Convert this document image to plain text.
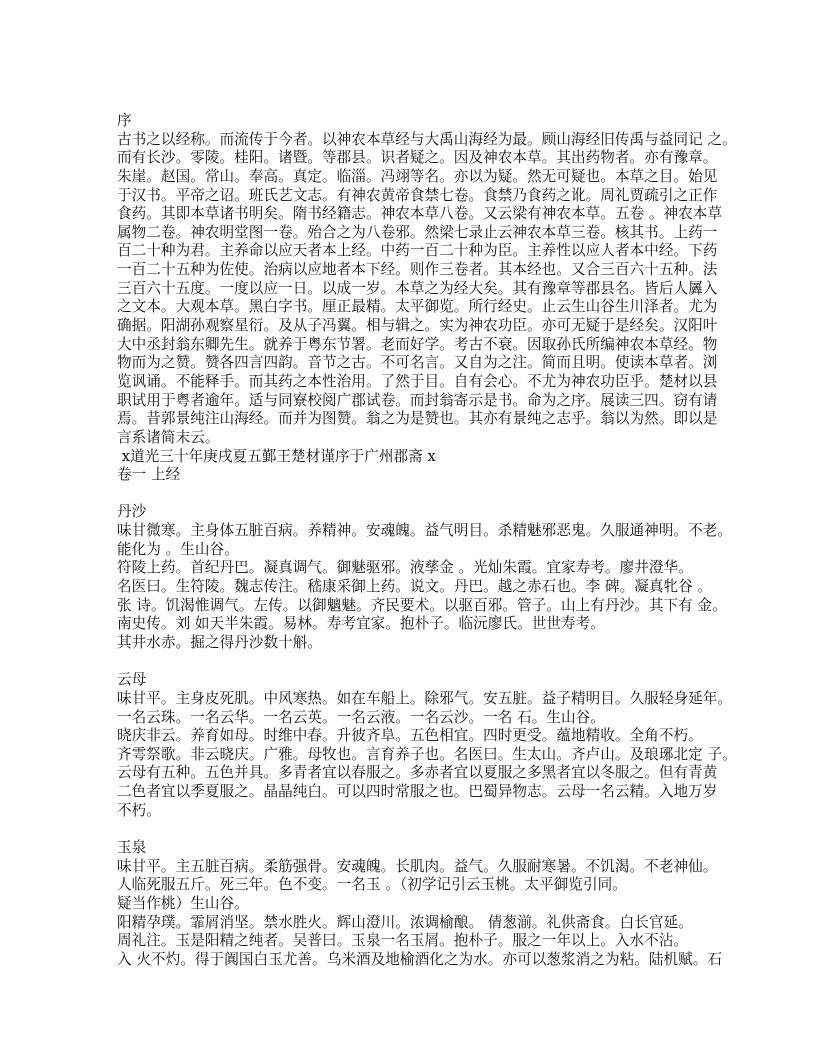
序
古书之以经称。而流传于今者。以神农本草经与大禹山海经为最。顾山海经旧传禹与益同记 之。
而有长沙。零陵。桂阳。诸暨。等郡县。识者疑之。因及神农本草。其出药物者。亦有豫章。
朱崖。赵国。常山。奉高。真定。临淄。冯翊等名。亦以为疑。然无可疑也。本草之目。始见
于汉书。平帝之诏。班氏艺文志。有神农黄帝食禁七卷。食禁乃食药之讹。周礼贾疏引之正作
食药。其即本草诸书明矣。隋书经籍志。神农本草八卷。又云梁有神农本草。五卷 。神农本草
属物二卷。神农明堂图一卷。殆合之为八卷邪。然梁七录止云神农本草三卷。核其书。上药一
百二十种为君。主养命以应天者本上经。中药一百二十种为臣。主养性以应人者本中经。下药
一百二十五种为佐使。治病以应地者本下经。则作三卷者。其本经也。又合三百六十五种。法
三百六十五度。一度以应一日。以成一岁。本草之为经大矣。其有豫章等郡县名。皆后人羼入
之文本。大观本草。黑白字书。厘正最精。太平御览。所行经史。止云生山谷生川泽者。尤为
确据。阳湖孙观察星衍。及从子冯翼。相与辑之。实为神农功臣。亦可无疑于是经矣。汉阳叶
大中丞封翁东卿先生。就养于粤东节署。老而好学。考古不衰。因取孙氏所编神农本草经。物
物而为之赞。赞各四言四韵。音节之古。不可名言。又自为之注。简而且明。使读本草者。浏
览讽诵。不能释手。而其药之本性治用。了然于目。自有会心。不尤为神农功臣乎。楚材以县
职试用于粤者逾年。适与同寮校阅广郡试卷。而封翁寄示是书。命为之序。展读三四。窃有请
焉。昔郭景纯注山海经。而并为图赞。翁之为是赞也。其亦有景纯之志乎。翁以为然。即以是
言系诸简末云。
x道光三十年庚戌夏五鄞王楚材谨序于广州郡斋 x
卷一 上经
丹沙
味甘微寒。主身体五脏百病。养精神。安魂魄。益气明目。杀精魅邪恶鬼。久服通神明。不老。
能化为 。生山谷。
符陵上药。首纪丹巴。凝真调气。御魅驱邪。液孳金 。光灿朱霞。宜家寿考。廖井澄华。
名医曰。生符陵。魏志传注。嵇康采御上药。说文。丹巴。越之赤石也。李 碑。凝真牝谷 。
张 诗。饥渴惟调气。左传。以御魑魅。齐民要术。以驱百邪。管子。山上有丹沙。其下有 金。
南史传。刘 如天半朱霞。易林。寿考宜家。抱朴子。临沅廖氏。世世寿考。
其井水赤。掘之得丹沙数十斛。
云母
味甘平。主身皮死肌。中风寒热。如在车船上。除邪气。安五脏。益子精明目。久服轻身延年。
一名云珠。一名云华。一名云英。一名云液。一名云沙。一名 石。生山谷。
晓庆非云。养育如母。时维中春。升彼齐阜。五色相宜。四时更受。蕴地精收。全角不朽。
齐雩祭歌。非云晓庆。广雅。母牧也。言育养子也。名医曰。生太山。齐卢山。及琅琊北定 子。
云母有五种。五色并具。多青者宜以春服之。多赤者宜以夏服之多黑者宜以冬服之。但有青黄
二色者宜以季夏服之。晶晶纯白。可以四时常服之也。巴蜀异物志。云母一名云精。入地万岁
不朽。
玉泉
味甘平。主五脏百病。柔筋强骨。安魂魄。长肌肉。益气。久服耐寒暑。不饥渴。不老神仙。
人临死服五斤。死三年。色不变。一名玉 。（初学记引云玉桃。太平御览引同。
疑当作桃）生山谷。
阳精孕璞。霏屑消坚。禁水胜火。辉山澄川。浓调榆酿。 倩葱湔。礼供斋食。白长官延。
周礼注。玉是阳精之纯者。吴普曰。玉泉一名玉屑。抱朴子。服之一年以上。入水不沾。
入 火不灼。得于阗国白玉尤善。乌米酒及地榆酒化之为水。亦可以葱浆消之为粘。陆机赋。石
